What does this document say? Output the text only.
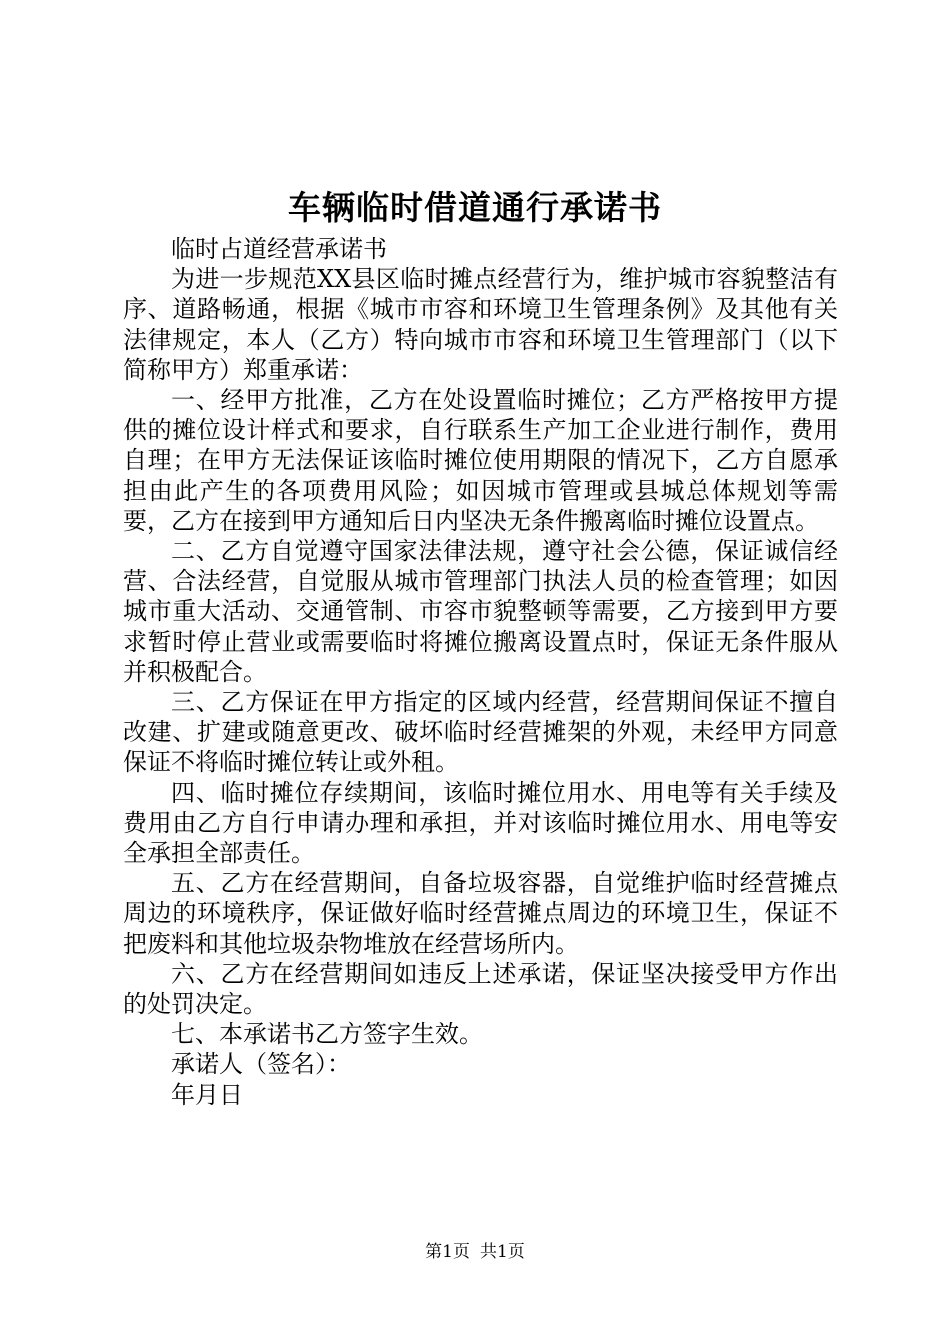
车辆临时借道通行承诺书

临时占道经营承诺书

为进一步规范XX县区临时摊点经营行为，维护城市容貌整洁有序、道路畅通，根据《城市市容和环境卫生管理条例》及其他有关法律规定，本人（乙方）特向城市市容和环境卫生管理部门（以下简称甲方）郑重承诺：

一、经甲方批准，乙方在处设置临时摊位；乙方严格按甲方提供的摊位设计样式和要求，自行联系生产加工企业进行制作，费用自理；在甲方无法保证该临时摊位使用期限的情况下，乙方自愿承担由此产生的各项费用风险；如因城市管理或县城总体规划等需要，乙方在接到甲方通知后日内坚决无条件搬离临时摊位设置点。

二、乙方自觉遵守国家法律法规，遵守社会公德，保证诚信经营、合法经营，自觉服从城市管理部门执法人员的检查管理；如因城市重大活动、交通管制、市容市貌整顿等需要，乙方接到甲方要求暂时停止营业或需要临时将摊位搬离设置点时，保证无条件服从并积极配合。

三、乙方保证在甲方指定的区域内经营，经营期间保证不擅自改建、扩建或随意更改、破坏临时经营摊架的外观，未经甲方同意保证不将临时摊位转让或外租。

四、临时摊位存续期间，该临时摊位用水、用电等有关手续及费用由乙方自行申请办理和承担，并对该临时摊位用水、用电等安全承担全部责任。

五、乙方在经营期间，自备垃圾容器，自觉维护临时经营摊点周边的环境秩序，保证做好临时经营摊点周边的环境卫生，保证不把废料和其他垃圾杂物堆放在经营场所内。

六、乙方在经营期间如违反上述承诺，保证坚决接受甲方作出的处罚决定。

七、本承诺书乙方签字生效。

承诺人（签名）：

年月日

第1页 共1页
